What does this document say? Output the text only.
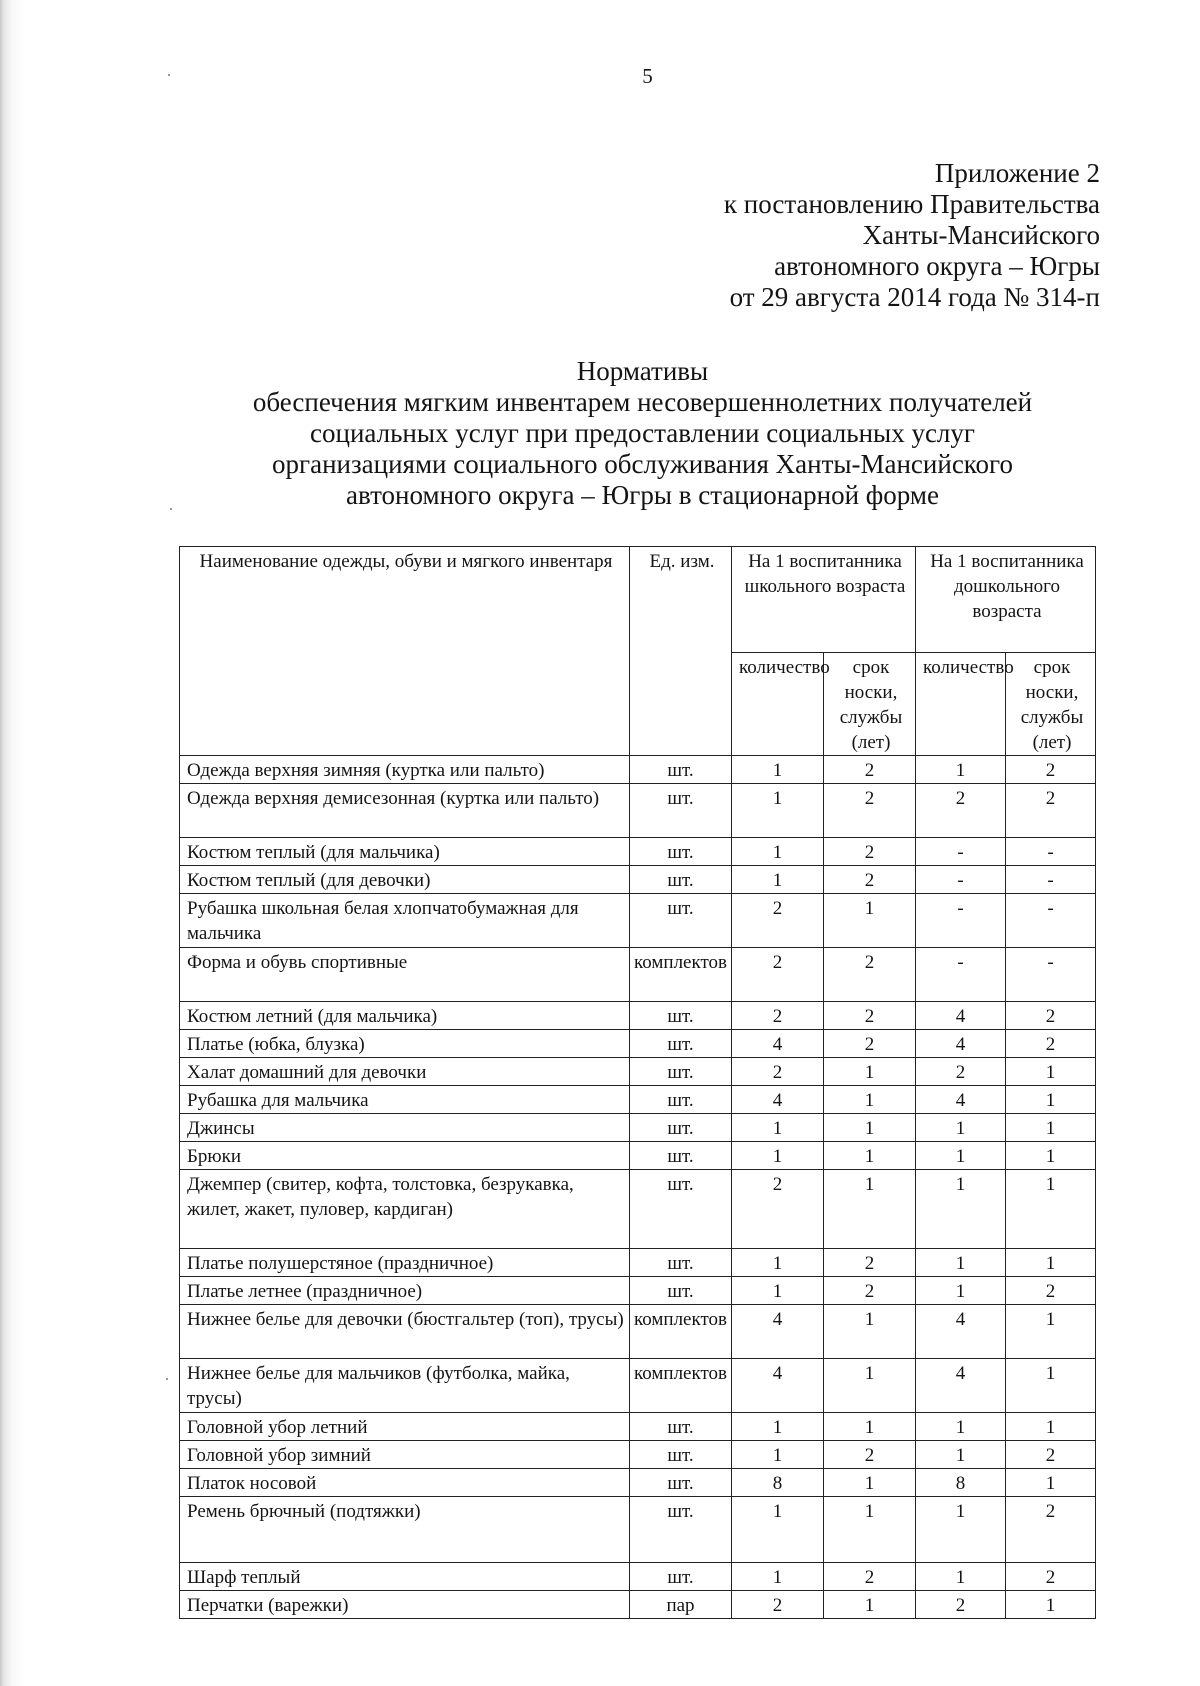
5
Приложение 2
к постановлению Правительства
Ханты-Мансийского
автономного округа – Югры
от 29 августа 2014 года № 314-п
Нормативы
обеспечения мягким инвентарем несовершеннолетних получателей
социальных услуг при предоставлении социальных услуг
организациями социального обслуживания Ханты-Мансийского
автономного округа – Югры в стационарной форме
Наименование одежды, обуви и мягкого инвентаря	Ед. изм.	На 1 воспитанника школьного возраста		На 1 воспитанника дошкольного возраста	
		количество	срок носки, службы (лет)	количество	срок носки, службы (лет)
Одежда верхняя зимняя (куртка или пальто)	шт.	1	2	1	2
Одежда верхняя демисезонная (куртка или пальто)	шт.	1	2	2	2
Костюм теплый (для мальчика)	шт.	1	2	-	-
Костюм теплый (для девочки)	шт.	1	2	-	-
Рубашка школьная белая хлопчатобумажная для мальчика	шт.	2	1	-	-
Форма и обувь спортивные	комплектов	2	2	-	-
Костюм летний (для мальчика)	шт.	2	2	4	2
Платье (юбка, блузка)	шт.	4	2	4	2
Халат домашний для девочки	шт.	2	1	2	1
Рубашка для мальчика	шт.	4	1	4	1
Джинсы	шт.	1	1	1	1
Брюки	шт.	1	1	1	1
Джемпер (свитер, кофта, толстовка, безрукавка, жилет, жакет, пуловер, кардиган)	шт.	2	1	1	1
Платье полушерстяное (праздничное)	шт.	1	2	1	1
Платье летнее (праздничное)	шт.	1	2	1	2
Нижнее белье для девочки (бюстгальтер (топ), трусы)	комплектов	4	1	4	1
Нижнее белье для мальчиков (футболка, майка, трусы)	комплектов	4	1	4	1
Головной убор летний	шт.	1	1	1	1
Головной убор зимний	шт.	1	2	1	2
Платок носовой	шт.	8	1	8	1
Ремень брючный (подтяжки)	шт.	1	1	1	2
Шарф теплый	шт.	1	2	1	2
Перчатки (варежки)	пар	2	1	2	1
